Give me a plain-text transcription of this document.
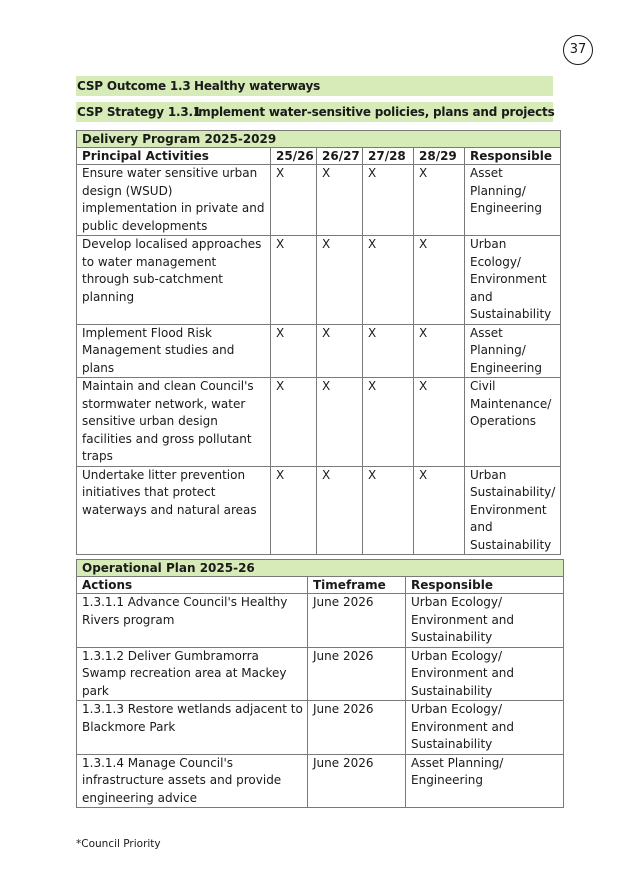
37
CSP Outcome 1.3 Healthy waterways
CSP Strategy 1.3.1
Implement water-sensitive policies, plans and projects
Delivery Program 2025-2029					
Principal Activities	25/26	26/27	27/28	28/29	Responsible
Ensure water sensitive urban design (WSUD) implementation in private and public developments	X	X	X	X	Asset Planning/ Engineering
Develop localised approaches to water management through sub-catchment planning	X	X	X	X	Urban Ecology/ Environment and Sustainability
Implement Flood Risk Management studies and plans	X	X	X	X	Asset Planning/ Engineering
Maintain and clean Council's stormwater network, water sensitive urban design facilities and gross pollutant traps	X	X	X	X	Civil Maintenance/ Operations
Undertake litter prevention initiatives that protect waterways and natural areas	X	X	X	X	Urban Sustainability/ Environment and Sustainability
Operational Plan 2025-26		
Actions	Timeframe	Responsible
1.3.1.1 Advance Council's Healthy Rivers program	June 2026	Urban Ecology/ Environment and Sustainability
1.3.1.2 Deliver Gumbramorra Swamp recreation area at Mackey park	June 2026	Urban Ecology/ Environment and Sustainability
1.3.1.3 Restore wetlands adjacent to Blackmore Park	June 2026	Urban Ecology/ Environment and Sustainability
1.3.1.4 Manage Council's infrastructure assets and provide engineering advice	June 2026	Asset Planning/ Engineering
*Council Priority
